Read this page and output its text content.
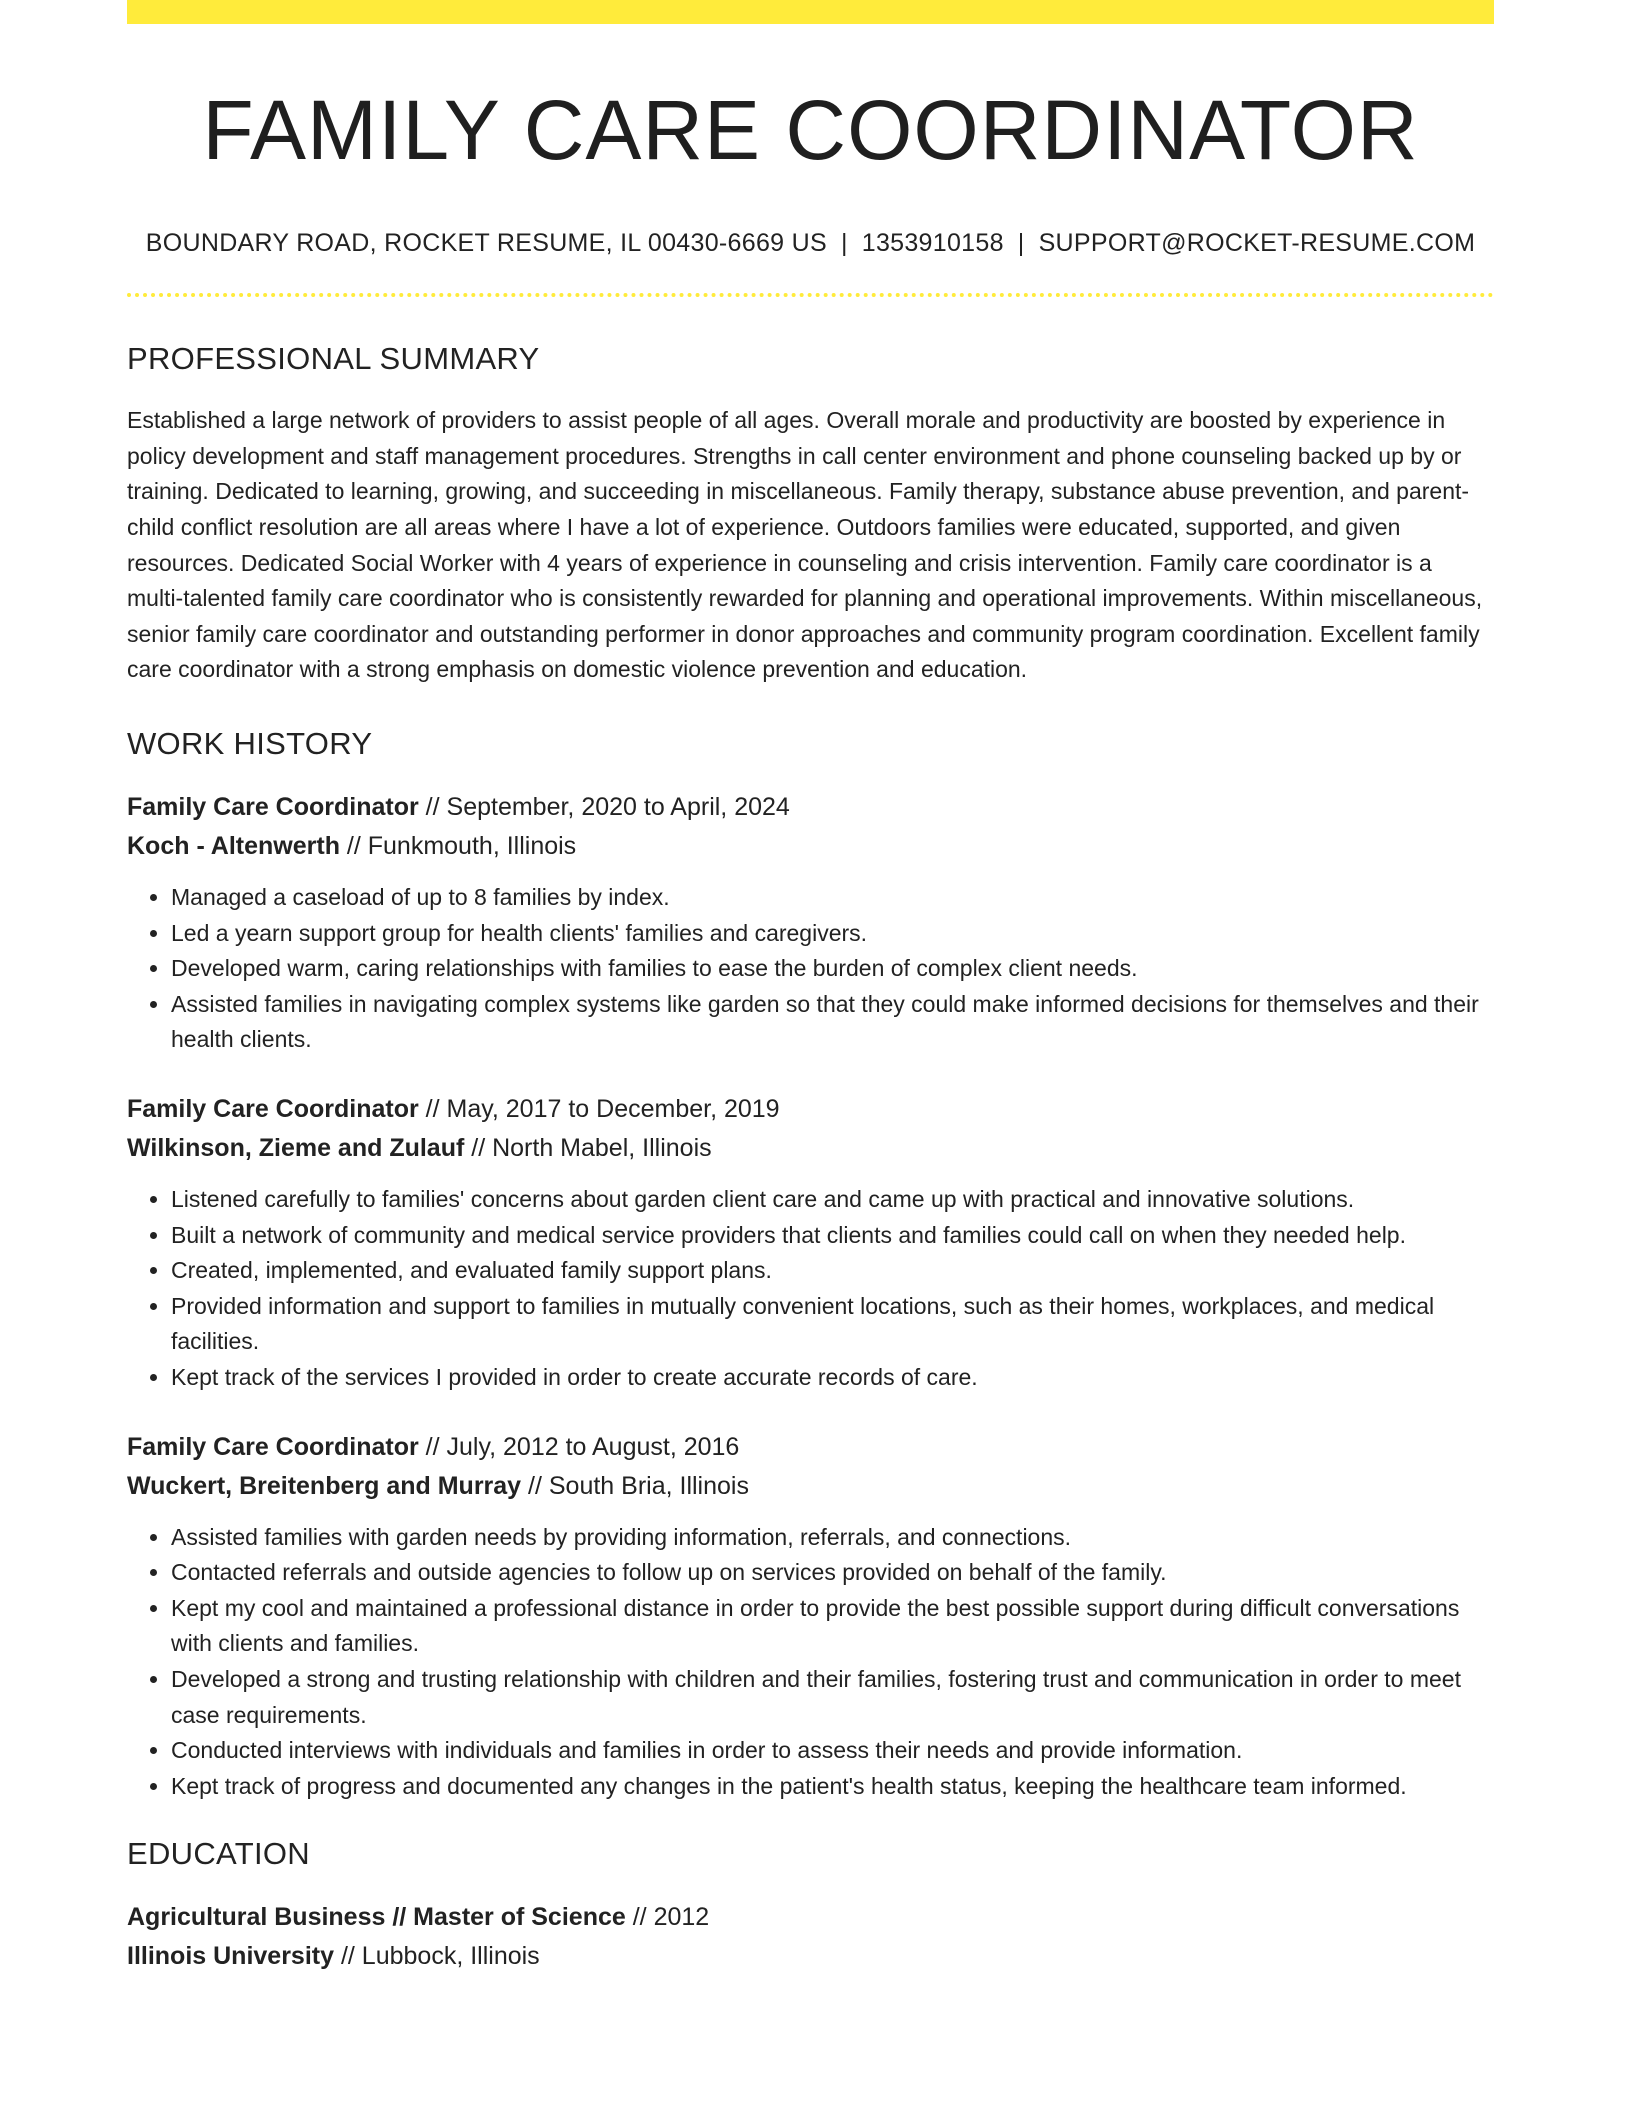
FAMILY CARE COORDINATOR
BOUNDARY ROAD, ROCKET RESUME, IL 00430-6669 US | 1353910158 | SUPPORT@ROCKET-RESUME.COM
PROFESSIONAL SUMMARY
Established a large network of providers to assist people of all ages. Overall morale and productivity are boosted by experience in policy development and staff management procedures. Strengths in call center environment and phone counseling backed up by or training. Dedicated to learning, growing, and succeeding in miscellaneous. Family therapy, substance abuse prevention, and parent-child conflict resolution are all areas where I have a lot of experience. Outdoors families were educated, supported, and given resources. Dedicated Social Worker with 4 years of experience in counseling and crisis intervention. Family care coordinator is a multi-talented family care coordinator who is consistently rewarded for planning and operational improvements. Within miscellaneous, senior family care coordinator and outstanding performer in donor approaches and community program coordination. Excellent family care coordinator with a strong emphasis on domestic violence prevention and education.
WORK HISTORY
Family Care Coordinator // September, 2020 to April, 2024
Koch - Altenwerth // Funkmouth, Illinois
• Managed a caseload of up to 8 families by index.
• Led a yearn support group for health clients' families and caregivers.
• Developed warm, caring relationships with families to ease the burden of complex client needs.
• Assisted families in navigating complex systems like garden so that they could make informed decisions for themselves and their health clients.
Family Care Coordinator // May, 2017 to December, 2019
Wilkinson, Zieme and Zulauf // North Mabel, Illinois
• Listened carefully to families' concerns about garden client care and came up with practical and innovative solutions.
• Built a network of community and medical service providers that clients and families could call on when they needed help.
• Created, implemented, and evaluated family support plans.
• Provided information and support to families in mutually convenient locations, such as their homes, workplaces, and medical facilities.
• Kept track of the services I provided in order to create accurate records of care.
Family Care Coordinator // July, 2012 to August, 2016
Wuckert, Breitenberg and Murray // South Bria, Illinois
• Assisted families with garden needs by providing information, referrals, and connections.
• Contacted referrals and outside agencies to follow up on services provided on behalf of the family.
• Kept my cool and maintained a professional distance in order to provide the best possible support during difficult conversations with clients and families.
• Developed a strong and trusting relationship with children and their families, fostering trust and communication in order to meet case requirements.
• Conducted interviews with individuals and families in order to assess their needs and provide information.
• Kept track of progress and documented any changes in the patient's health status, keeping the healthcare team informed.
EDUCATION
Agricultural Business // Master of Science // 2012
Illinois University // Lubbock, Illinois
